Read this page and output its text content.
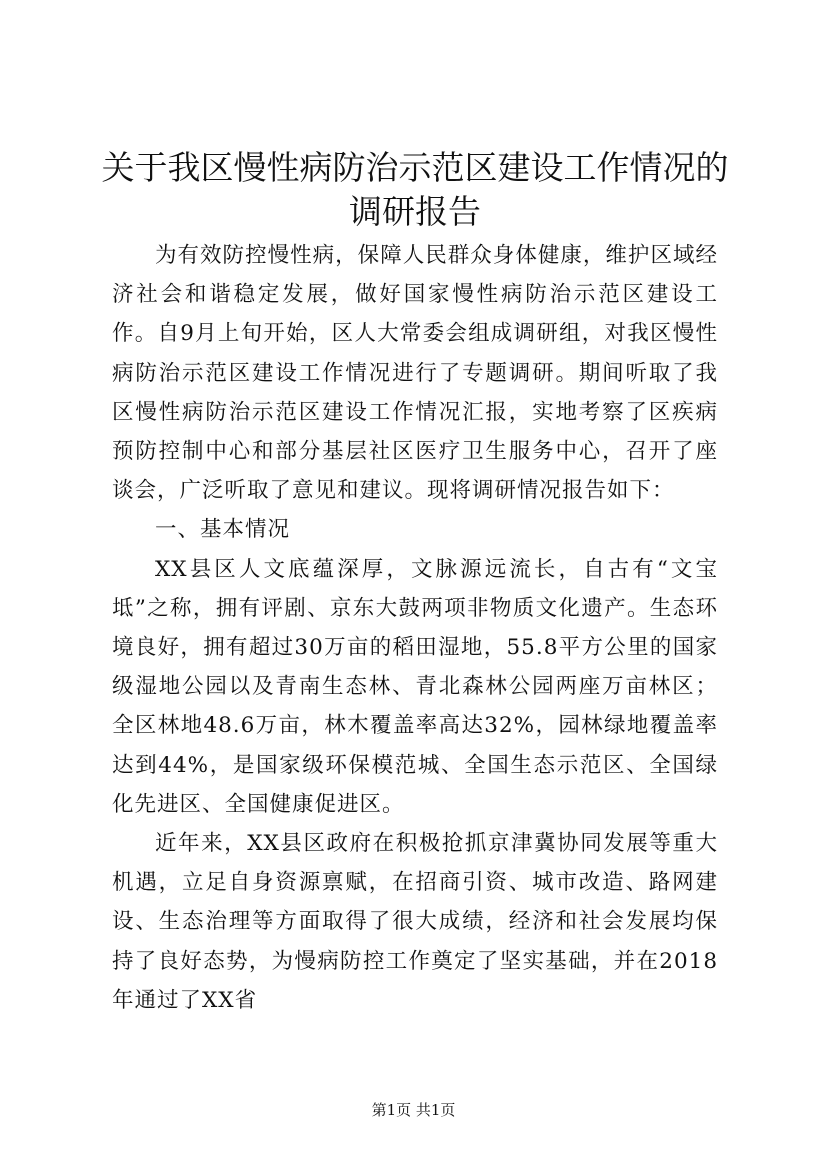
关于我区慢性病防治示范区建设工作情况的调研报告

为有效防控慢性病，保障人民群众身体健康，维护区域经济社会和谐稳定发展，做好国家慢性病防治示范区建设工作。自9月上旬开始，区人大常委会组成调研组，对我区慢性病防治示范区建设工作情况进行了专题调研。期间听取了我区慢性病防治示范区建设工作情况汇报，实地考察了区疾病预防控制中心和部分基层社区医疗卫生服务中心，召开了座谈会，广泛听取了意见和建议。现将调研情况报告如下：

一、基本情况

XX县区人文底蕴深厚，文脉源远流长，自古有“文宝坻”之称，拥有评剧、京东大鼓两项非物质文化遗产。生态环境良好，拥有超过30万亩的稻田湿地，55.8平方公里的国家级湿地公园以及青南生态林、青北森林公园两座万亩林区；全区林地48.6万亩，林木覆盖率高达32%，园林绿地覆盖率达到44%，是国家级环保模范城、全国生态示范区、全国绿化先进区、全国健康促进区。

近年来，XX县区政府在积极抢抓京津冀协同发展等重大机遇，立足自身资源禀赋，在招商引资、城市改造、路网建设、生态治理等方面取得了很大成绩，经济和社会发展均保持了良好态势，为慢病防控工作奠定了坚实基础，并在2018年通过了XX省

第1页 共1页
